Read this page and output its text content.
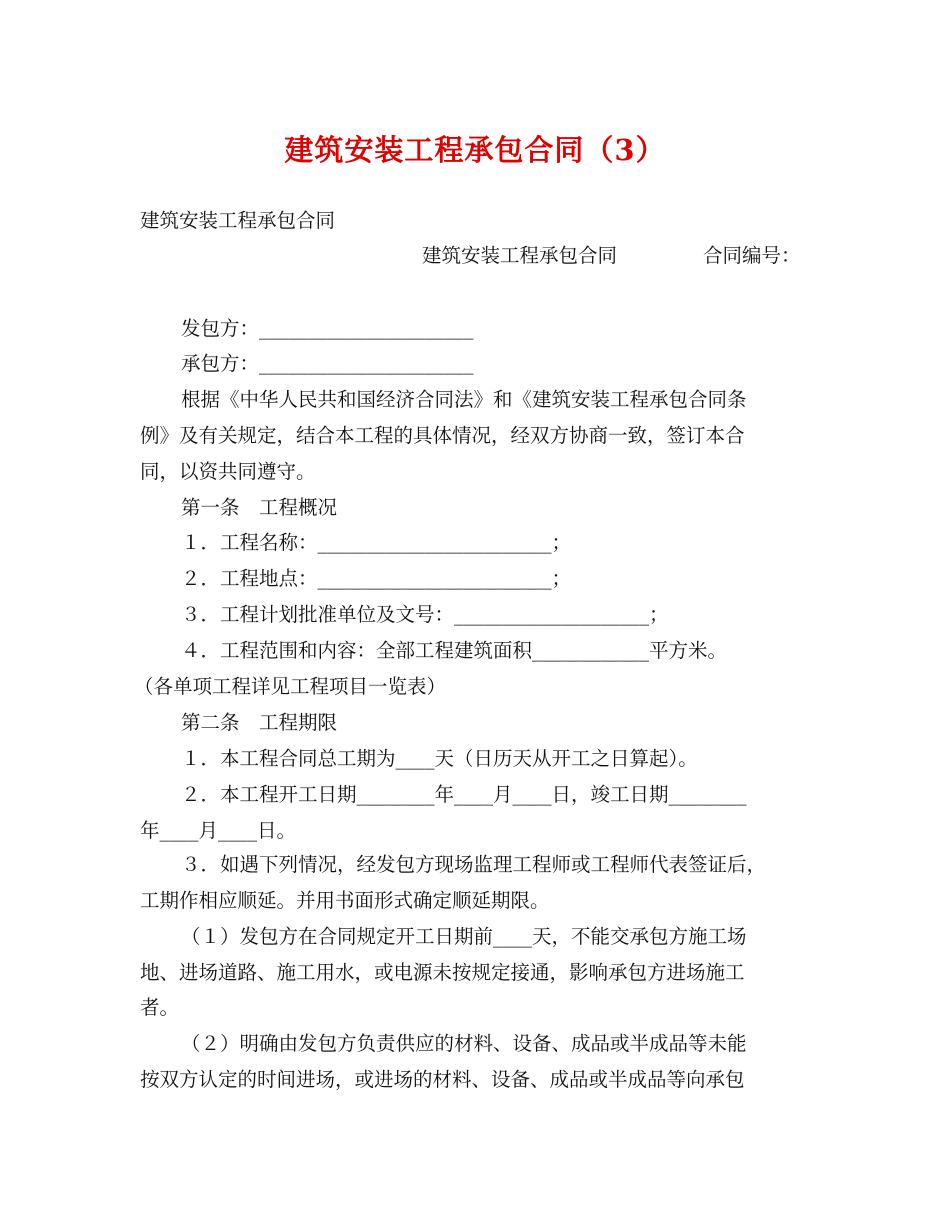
建筑安装工程承包合同（3）
建筑安装工程承包合同
建筑安装工程承包合同	合同编号：
发包方：______________________
承包方：______________________
根据《中华人民共和国经济合同法》和《建筑安装工程承包合同条
例》及有关规定，结合本工程的具体情况，经双方协商一致，签订本合
同，以资共同遵守。
第一条　工程概况
１．工程名称：________________________；
２．工程地点：________________________；
３．工程计划批准单位及文号：____________________；
４．工程范围和内容：全部工程建筑面积____________平方米。
（各单项工程详见工程项目一览表）
第二条　工程期限
１．本工程合同总工期为____天（日历天从开工之日算起）。
２．本工程开工日期________年____月____日，竣工日期________
年____月____日。
３．如遇下列情况，经发包方现场监理工程师或工程师代表签证后，
工期作相应顺延。并用书面形式确定顺延期限。
（１）发包方在合同规定开工日期前____天，不能交承包方施工场
地、进场道路、施工用水，或电源未按规定接通，影响承包方进场施工
者。
（２）明确由发包方负责供应的材料、设备、成品或半成品等未能
按双方认定的时间进场，或进场的材料、设备、成品或半成品等向承包
